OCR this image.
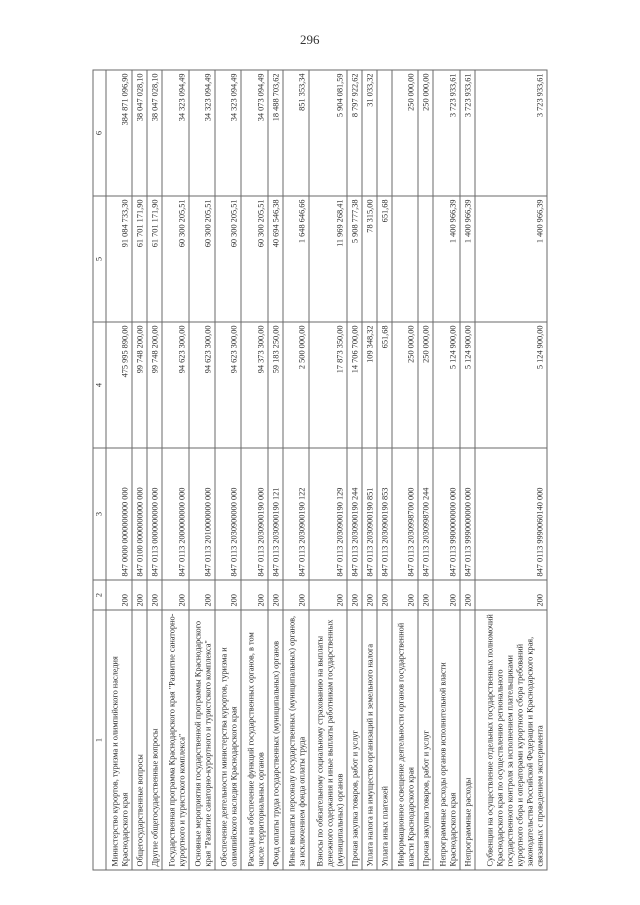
296
1	2	3	4	5	6
Министерство курортов, туризма и олимпийского наследия Краснодарского края	200	847 0000 0000000000 000	475 995 890,00	91 084 733,30	384 871 096,90
Общегосударственные вопросы	200	847 0100 0000000000 000	99 748 200,00	61 701 171,90	38 047 028,10
Другие общегосударственные вопросы	200	847 0113 0000000000 000	99 748 200,00	61 701 171,90	38 047 028,10
Государственная программа Краснодарского края "Развитие санаторно-курортного и туристского комплекса"	200	847 0113 2000000000 000	94 623 300,00	60 300 205,51	34 323 094,49
Основные мероприятия государственной программы Краснодарского края "Развитие санаторно-курортного и туристского комплекса"	200	847 0113 2010000000 000	94 623 300,00	60 300 205,51	34 323 094,49
Обеспечение деятельности министерства курортов, туризма и олимпийского наследия Краснодарского края	200	847 0113 2030900000 000	94 623 300,00	60 300 205,51	34 323 094,49
Расходы на обеспечение функций государственных органов, в том числе территориальных органов	200	847 0113 2030900190 000	94 373 300,00	60 300 205,51	34 073 094,49
Фонд оплаты труда государственных (муниципальных) органов	200	847 0113 2030900190 121	59 183 250,00	40 694 546,38	18 488 703,62
Иные выплаты персоналу государственных (муниципальных) органов, за исключением фонда оплаты труда	200	847 0113 2030900190 122	2 500 000,00	1 648 646,66	851 353,34
Взносы по обязательному социальному страхованию на выплаты денежного содержания и иные выплаты работникам государственных (муниципальных) органов	200	847 0113 2030900190 129	17 873 350,00	11 969 268,41	5 904 081,59
Прочая закупка товаров, работ и услуг	200	847 0113 2030900190 244	14 706 700,00	5 908 777,38	8 797 922,62
Уплата налога на имущество организаций и земельного налога	200	847 0113 2030900190 851	109 348,32	78 315,00	31 033,32
Уплата иных платежей	200	847 0113 2030900190 853	651,68	651,68	
Информационное освещение деятельности органов государственной власти Краснодарского края	200	847 0113 2030998700 000	250 000,00		250 000,00
Прочая закупка товаров, работ и услуг	200	847 0113 2030998700 244	250 000,00		250 000,00
Непрограммные расходы органов исполнительной власти Краснодарского края	200	847 0113 9900000000 000	5 124 900,00	1 400 966,39	3 723 933,61
Непрограммные расходы	200	847 0113 9990000000 000	5 124 900,00	1 400 966,39	3 723 933,61
Субвенции на осуществление отдельных государственных полномочий Краснодарского края по осуществлению регионального государственного контроля за исполнением плательщиками курортного сбора и операторами курортного сбора требований законодательства Российской Федерации и Краснодарского края, связанных с проведением эксперимента	200	847 0113 9990060140 000	5 124 900,00	1 400 966,39	3 723 933,61
